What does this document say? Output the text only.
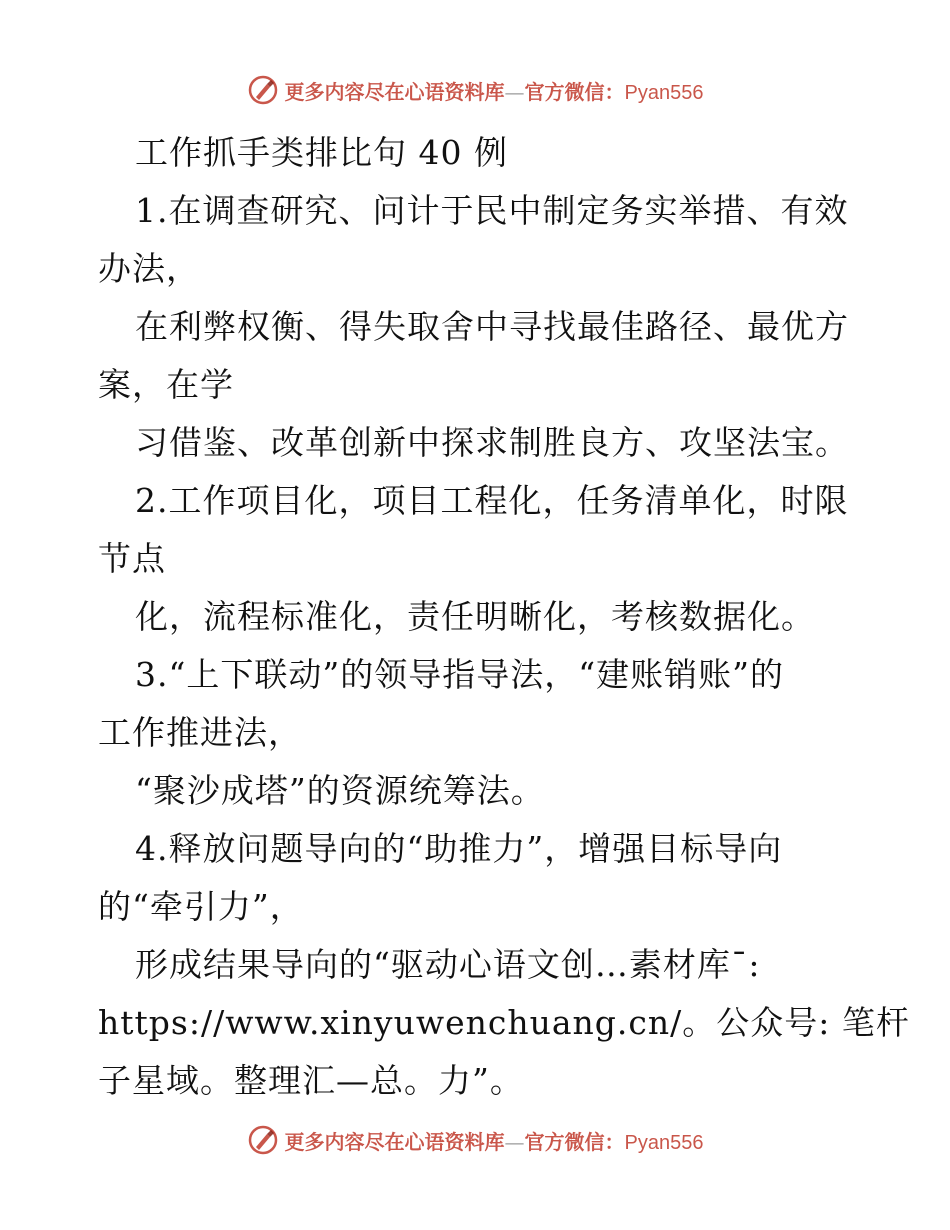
更多内容尽在心语资料库—官方微信：Pyan556
工作抓手类排比句 40 例
1.在调查研究、问计于民中制定务实举措、有效
办法，
在利弊权衡、得失取舍中寻找最佳路径、最优方
案，在学
习借鉴、改革创新中探求制胜良方、攻坚法宝。
2.工作项目化，项目工程化，任务清单化，时限
节点
化，流程标准化，责任明晰化，考核数据化。
3.“上下联动”的领导指导法，“建账销账”的
工作推进法，
“聚沙成塔”的资源统筹法。
4.释放问题导向的“助推力”，增强目标导向
的“牵引力”，
形成结果导向的“驱动心语文创…素材库¯:
https://www.xinyuwenchuang.cn/。公众号: 笔杆
子星域。整理汇—总。力”。
更多内容尽在心语资料库—官方微信：Pyan556
